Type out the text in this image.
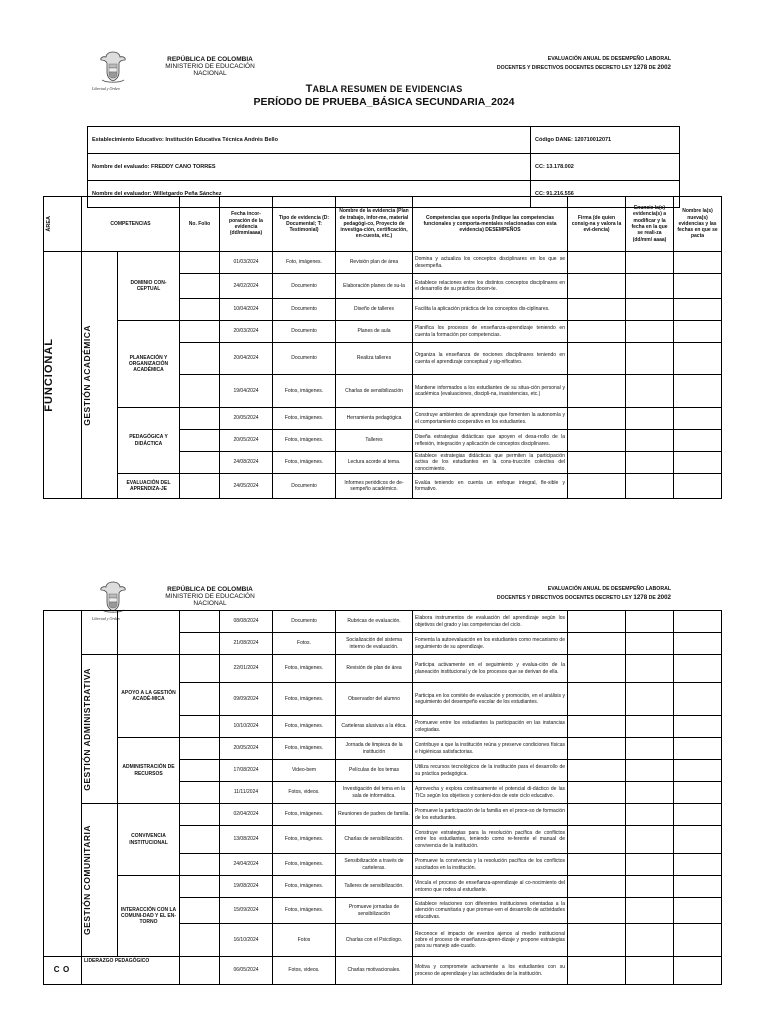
Libertad y Orden
REPÚBLICA DE COLOMBIA
MINISTERIO DE EDUCACIÓN NACIONAL
EVALUACIÓN ANUAL DE DESEMPEÑO LABORAL
DOCENTES Y DIRECTIVOS DOCENTES DECRETO LEY 1278 DE 2002
TABLA RESUMEN DE EVIDENCIAS
PERÍODO DE PRUEBA_BÁSICA SECUNDARIA_2024
Establecimiento Educativo: Institución Educativa Técnica Andrés Bello	Código DANE: 120710012071
Nombre del evaluado: FREDDY CANO TORRES	CC: 13.178.002
Nombre del evaluador: Willetgardo Peña Sánchez	CC: 91.216.556
ÁREA	COMPETENCIAS		No. Folio	Fecha incor-poración de la evidencia (dd/mm/aaaa)	Tipo de evidencia (D: Documental; T: Testimonial)	Nombre de la evidencia (Plan de trabajo, infor-me, material pedagógi-co, Proyecto de investiga-ción, certificación, en-cuesta, etc.)	Competencias que soporta (Indique las competencias funcionales y comporta-mentales relacionadas con esta evidencia) DESEMPEÑOS	Firma (de quien consig-na y valora la evi-dencia)	Enuncie la(s) evidencia(s) a modificar y la fecha en la que se reali-za (dd/mm/ aaaa)	Nombre la(s) nueva(s) evidencias y las fechas en que se pacta

FUNCIONAL	GESTIÓN ACADÉMICA	DOMINIO CON-CEPTUAL		01/03/2024	Foto, imágenes.	Revisión plan de área	Domina y actualiza los conceptos disciplinares en los que se desempeña.			
				24/02/2024	Documento	Elaboración planes de su-la	Establece relaciones entre los distintos conceptos disciplinares en el desarrollo de su práctica docen-te.			
				10/04/2024	Documento	Diseño de talleres	Facilita la aplicación práctica de los conceptos dis-ciplinares.			
		PLANEACIÓN Y ORGANIZACIÓN ACADÉMICA		20/03/2024	Documento	Planes de aula	Planifica los procesos de enseñanza-aprendizaje teniendo en cuenta la formación por competencias.			
				20/04/2024	Documento	Realiza talleres	Organiza la enseñanza de nociones disciplinares teniendo en cuenta el aprendizaje conceptual y sig-nificativo.			
				19/04/2024	Fotos, imágenes.	Charlas de sensibilización	Mantiene informados a los estudiantes de su situa-ción personal y académica (evaluaciones, discipli-na, inasistencias, etc.)			
		PEDAGÓGICA Y DIDÁCTICA		20/05/2024	Fotos, imágenes.	Herramienta pedagógica	Construye ambientes de aprendizaje que fomenten la autonomía y el comportamiento cooperativo en los estudiantes.			
				20/05/2024	Fotos, imágenes.	Talleres	Diseña estrategias didácticas que apoyen el desa-rrollo de la reflexión, integración y aplicación de conceptos disciplinares.			
				24/08/2024	Fotos, imágenes.	Lectura acorde al tema.	Establece estrategias didácticas que permiten la participación activa de los estudiantes en la cons-trucción colectiva del conocimiento.			
		EVALUACIÓN DEL APRENDIZA-JE		24/05/2024	Documento	Informes periódicos de de-sempeño académico.	Evalúa teniendo en cuenta un enfoque integral, fle-xible y formativo.			
Libertad y Orden
REPÚBLICA DE COLOMBIA
MINISTERIO DE EDUCACIÓN NACIONAL
EVALUACIÓN ANUAL DE DESEMPEÑO LABORAL
DOCENTES Y DIRECTIVOS DOCENTES DECRETO LEY 1278 DE 2002
				08/08/2024	Documento	Rubricas de evaluación.	Elabora instrumentos de evaluación del aprendizaje según los objetivos del grado y las competencias del ciclo.			
				21/08/2024	Fotos.	Socialización del sistema interno de evaluación.	Fomenta la autoevaluación en los estudiantes como mecanismo de seguimiento de su aprendizaje.			

	GESTIÓN ADMINISTRATIVA	APOYO A LA GESTIÓN ACADÉ-MICA		22/01/2024	Fotos, imágenes.	Revisión de plan de área	Participa activamente en el seguimiento y evalua-ción de la planeación institucional y de los procesos que se derivan de ella.			
				09/09/2024	Fotos, imágenes.	Observador del alumno	Participa en los comités de evaluación y promoción, en el análisis y seguimiento del desempeño escolar de los estudiantes.			
				10/10/2024	Fotos, imágenes.	Carteleras alusivas a la ética.	Promueve entre los estudiantes la participación en las instancias colegiadas.			
		ADMINISTRACIÓN DE RECURSOS		20/05/2024	Fotos, imágenes.	Jornada de limpieza de la institución	Contribuye a que la institución reúna y preserve condiciones físicas e higiénicas satisfactorias.			
				17/08/2024	Video-bem	Películas de los temas	Utiliza recursos tecnológicos de la institución para el desarrollo de su práctica pedagógica.			
				11/11/2024	Fotos, videos.	Investigación del tema en la sala de informática.	Aprovecha y explora continuamente el potencial di-dáctico de las TICs según los objetivos y conteni-dos de este ciclo educativo.			

	GESTIÓN COMUNITARIA	CONVIVENCIA INSTITUCIONAL		02/04/2024	Fotos, imágenes.	Reuniones de padres de familia.	Promueve la participación de la familia en el proce-so de formación de los estudiantes.			
				13/08/2024	Fotos, imágenes.	Charlas de sensibilización.	Construye estrategias para la resolución pacífica de conflictos entre los estudiantes, teniendo como re-ferente el manual de convivencia de la institución.			
				24/04/2024	Fotos, imágenes.	Sensibilización a través de carteleras.	Promueve la convivencia y la resolución pacífica de los conflictos suscitados en la institución.			
		INTERACCIÓN CON LA COMUNI-DAD Y EL EN-TORNO		19/08/2024	Fotos, imágenes.	Talleres de sensibilización.	Vincula el proceso de enseñanza-aprendizaje al co-nocimiento del entorno que rodea al estudiante.			
				15/09/2024	Fotos, imágenes.	Promueve jornadas de sensibilización	Establece relaciones con diferentes instituciones orientadas a la atención comunitaria y que promue-ven el desarrollo de actividades educativas.			
				16/10/2024	Fotos	Charlas con el Psicólogo.	Reconoce el impacto de eventos ajenos al medio institucional sobre el proceso de enseñanza-apren-dizaje y propone estrategias para su manejo ade-cuado.			
C O	LIDERAZGO PEDAGÓGICO			06/05/2024	Fotos, videos.	Charlas motivacionales.	Motiva y compromete activamente a los estudiantes con su proceso de aprendizaje y las actividades de la institución.			
